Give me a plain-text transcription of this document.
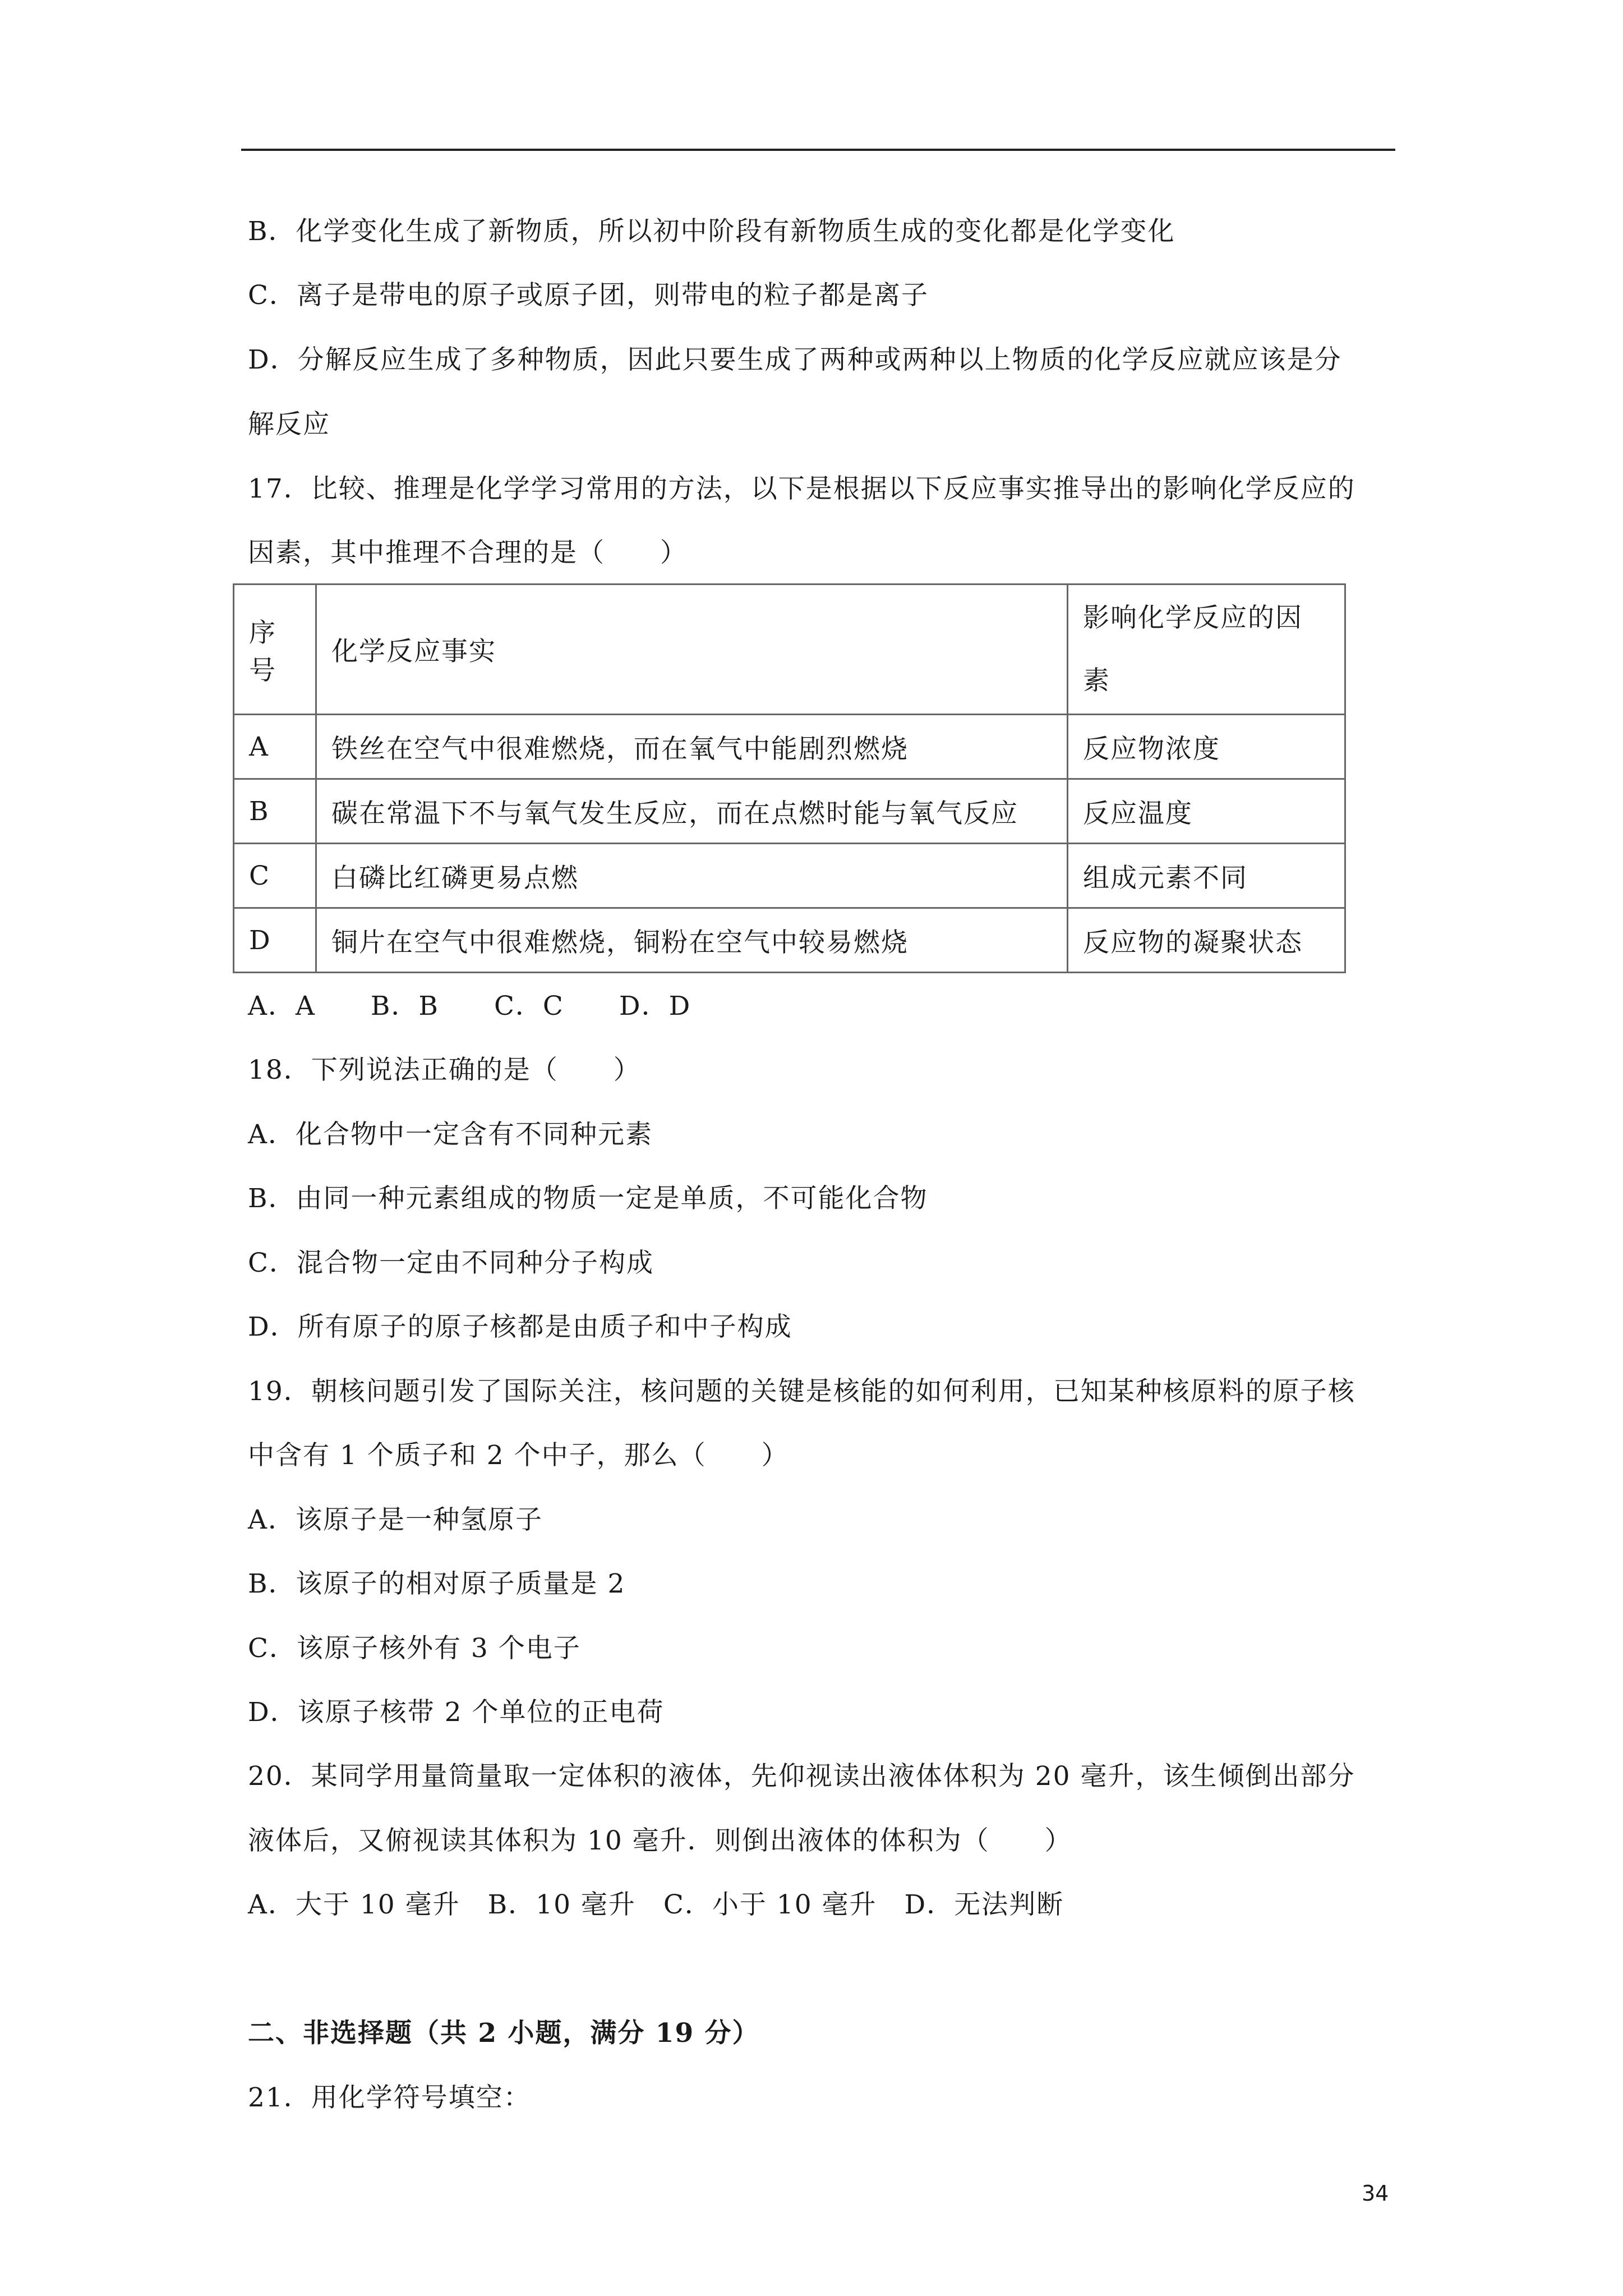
B．化学变化生成了新物质，所以初中阶段有新物质生成的变化都是化学变化
C．离子是带电的原子或原子团，则带电的粒子都是离子
D．分解反应生成了多种物质，因此只要生成了两种或两种以上物质的化学反应就应该是分
解反应
17．比较、推理是化学学习常用的方法，以下是根据以下反应事实推导出的影响化学反应的
因素，其中推理不合理的是（　　）
序号	化学反应事实	影响化学反应的因素

A	铁丝在空气中很难燃烧，而在氧气中能剧烈燃烧	反应物浓度
B	碳在常温下不与氧气发生反应，而在点燃时能与氧气反应	反应温度
C	白磷比红磷更易点燃	组成元素不同
D	铜片在空气中很难燃烧，铜粉在空气中较易燃烧	反应物的凝聚状态
A．A　　B．B　　C．C　　D．D
18．下列说法正确的是（　　）
A．化合物中一定含有不同种元素
B．由同一种元素组成的物质一定是单质，不可能化合物
C．混合物一定由不同种分子构成
D．所有原子的原子核都是由质子和中子构成
19．朝核问题引发了国际关注，核问题的关键是核能的如何利用，已知某种核原料的原子核
中含有 1 个质子和 2 个中子，那么（　　）
A．该原子是一种氢原子
B．该原子的相对原子质量是 2
C．该原子核外有 3 个电子
D．该原子核带 2 个单位的正电荷
20．某同学用量筒量取一定体积的液体，先仰视读出液体体积为 20 毫升，该生倾倒出部分
液体后，又俯视读其体积为 10 毫升．则倒出液体的体积为（　　）
A．大于 10 毫升　B．10 毫升　C．小于 10 毫升　D．无法判断
二、非选择题（共 2 小题，满分 19 分）
21．用化学符号填空：
34
